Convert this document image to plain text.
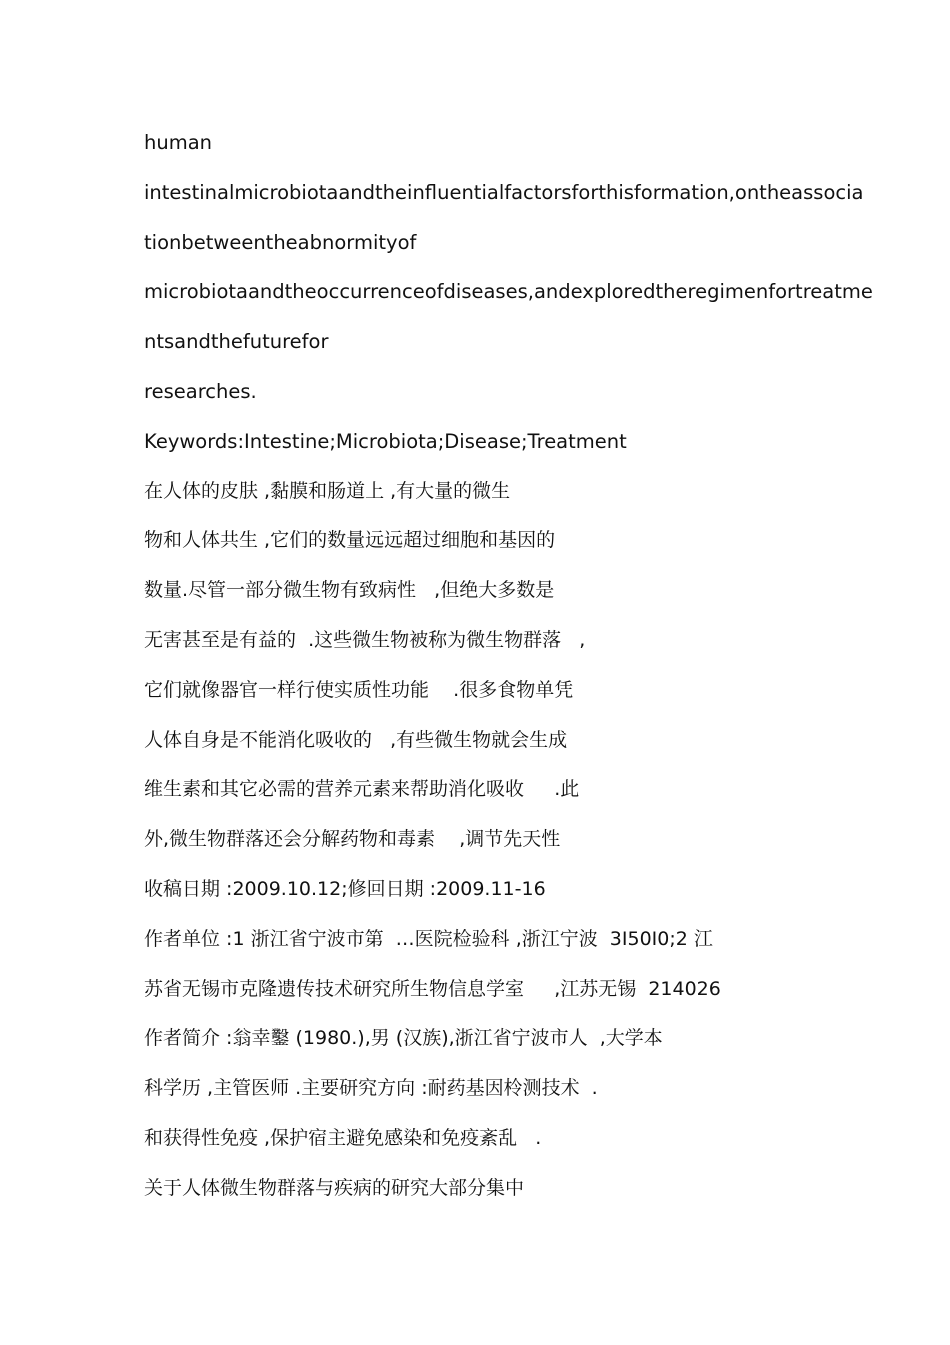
human
intestinalmicrobiotaandtheinfluentialfactorsforthisformation,ontheassocia
tionbetweentheabnormityof
microbiotaandtheoccurrenceofdiseases,andexploredtheregimenfortreatme
ntsandthefuturefor
researches.
Keywords:Intestine;Microbiota;Disease;Treatment
在人体的皮肤 ,黏膜和肠道上 ,有大量的微生
物和人体共生 ,它们的数量远远超过细胞和基因的
数量.尽管一部分微生物有致病性   ,但绝大多数是
无害甚至是有益的  .这些微生物被称为微生物群落   ,
它们就像器官一样行使实质性功能    .很多食物单凭
人体自身是不能消化吸收的   ,有些微生物就会生成
维生素和其它必需的营养元素来帮助消化吸收     .此
外,微生物群落还会分解药物和毒素    ,调节先天性
收稿日期 :2009.10.12;修回日期 :2009.11-16
作者单位 :1 浙江省宁波市第  …医院检验科 ,浙江宁波  3I50I0;2 江
苏省无锡市克隆遗传技术研究所生物信息学室     ,江苏无锡  214026
作者简介 :翁幸鑿 (1980.),男 (汉族),浙江省宁波市人  ,大学本
科学历 ,主管医师 .主要研究方向 :耐药基因柃测技术  .
和获得性免疫 ,保护宿主避免感染和免疫紊乱   .
关于人体微生物群落与疾病的研究大部分集中
